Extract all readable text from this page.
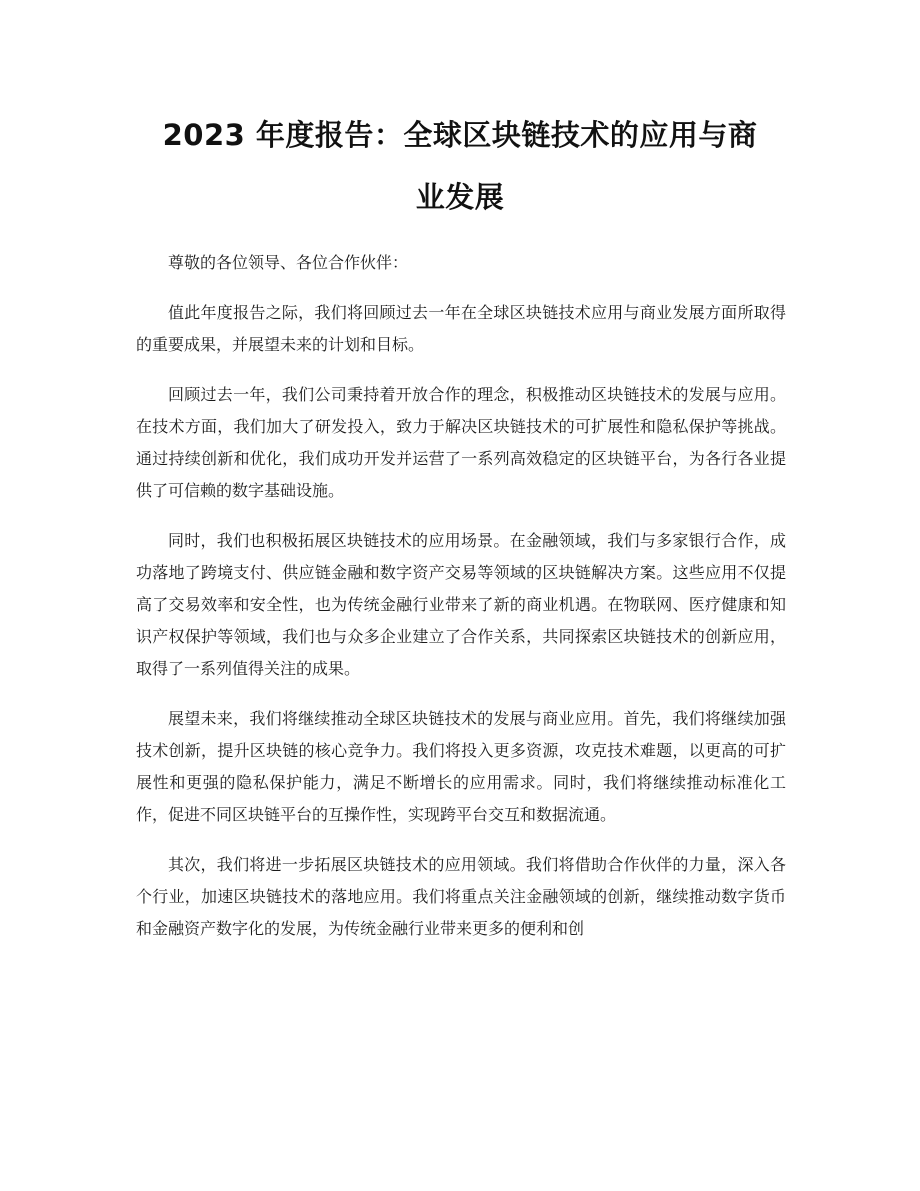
2023 年度报告：全球区块链技术的应用与商
业发展

尊敬的各位领导、各位合作伙伴：

值此年度报告之际，我们将回顾过去一年在全球区块链技术应用与商业发展方面所取得的重要成果，并展望未来的计划和目标。

回顾过去一年，我们公司秉持着开放合作的理念，积极推动区块链技术的发展与应用。在技术方面，我们加大了研发投入，致力于解决区块链技术的可扩展性和隐私保护等挑战。通过持续创新和优化，我们成功开发并运营了一系列高效稳定的区块链平台，为各行各业提供了可信赖的数字基础设施。

同时，我们也积极拓展区块链技术的应用场景。在金融领域，我们与多家银行合作，成功落地了跨境支付、供应链金融和数字资产交易等领域的区块链解决方案。这些应用不仅提高了交易效率和安全性，也为传统金融行业带来了新的商业机遇。在物联网、医疗健康和知识产权保护等领域，我们也与众多企业建立了合作关系，共同探索区块链技术的创新应用，取得了一系列值得关注的成果。

展望未来，我们将继续推动全球区块链技术的发展与商业应用。首先，我们将继续加强技术创新，提升区块链的核心竞争力。我们将投入更多资源，攻克技术难题，以更高的可扩展性和更强的隐私保护能力，满足不断增长的应用需求。同时，我们将继续推动标准化工作，促进不同区块链平台的互操作性，实现跨平台交互和数据流通。

其次，我们将进一步拓展区块链技术的应用领域。我们将借助合作伙伴的力量，深入各个行业，加速区块链技术的落地应用。我们将重点关注金融领域的创新，继续推动数字货币和金融资产数字化的发展，为传统金融行业带来更多的便利和创
